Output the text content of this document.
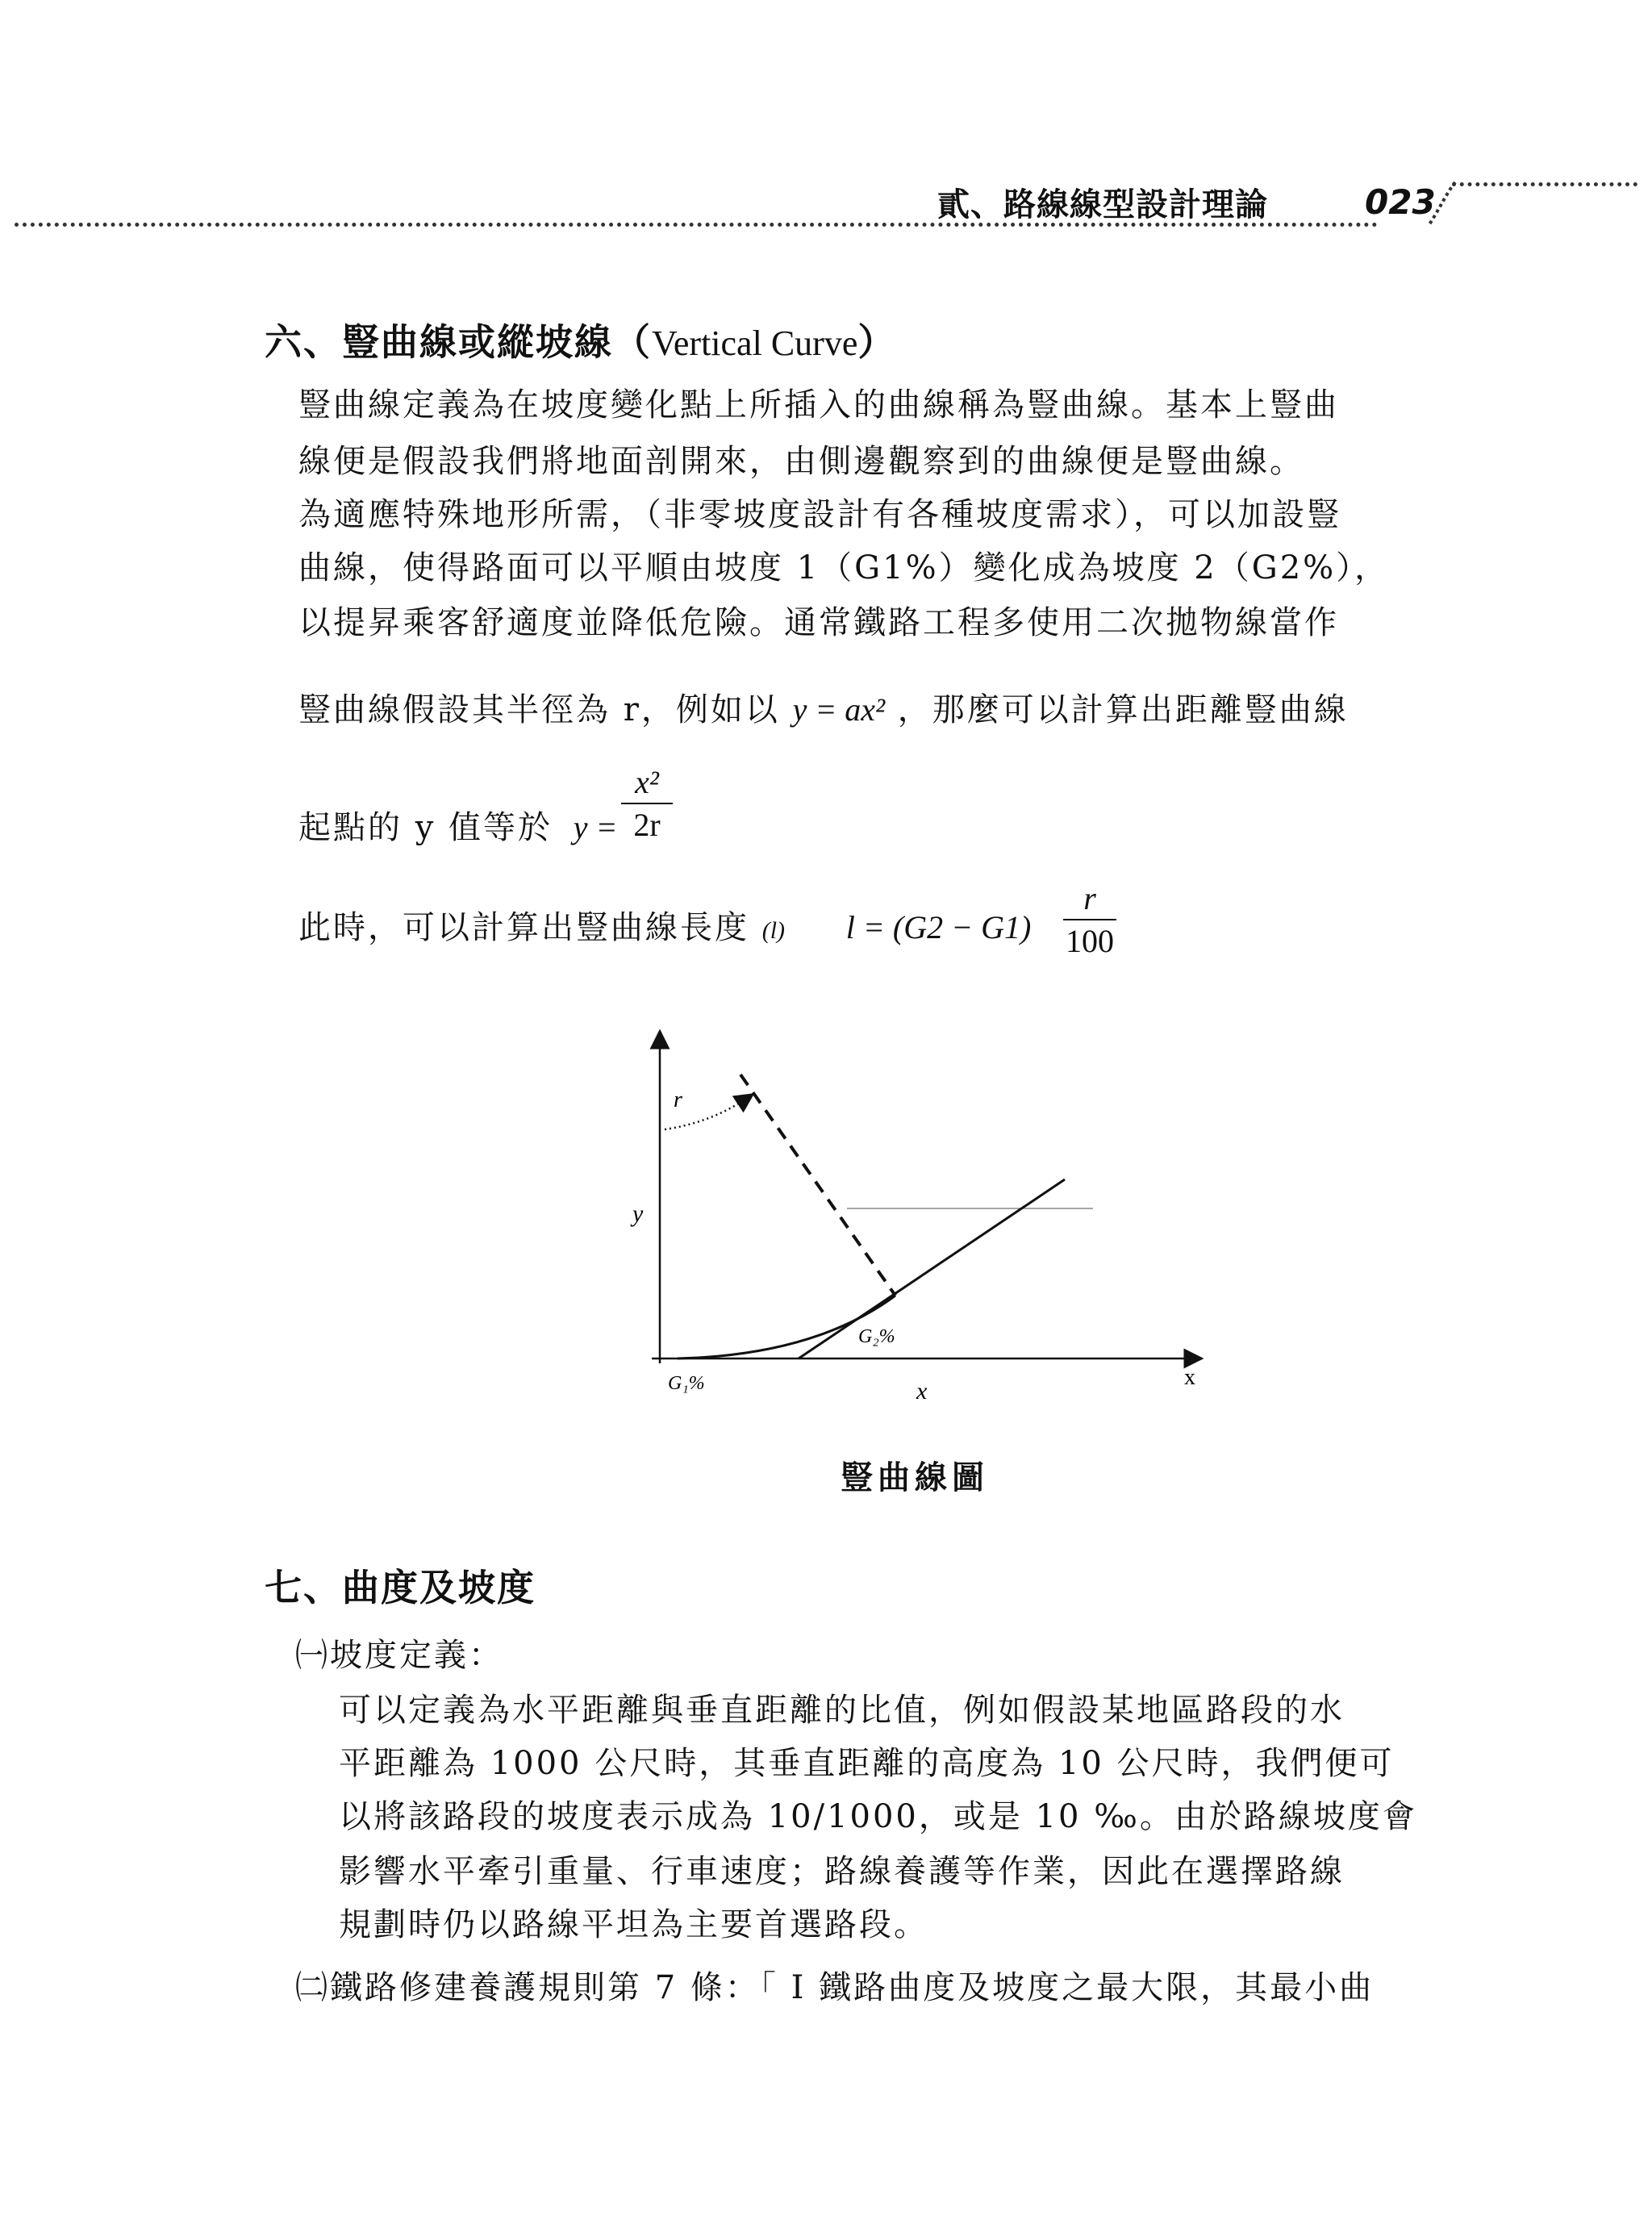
貳、路線線型設計理論	023
六、豎曲線或縱坡線（Vertical Curve）
豎曲線定義為在坡度變化點上所插入的曲線稱為豎曲線。基本上豎曲
線便是假設我們將地面剖開來，由側邊觀察到的曲線便是豎曲線。
為適應特殊地形所需，（非零坡度設計有各種坡度需求），可以加設豎
曲線，使得路面可以平順由坡度 1（G1%）變化成為坡度 2（G2%），
以提昇乘客舒適度並降低危險。通常鐵路工程多使用二次拋物線當作
豎曲線假設其半徑為 r，例如以 y = ax² ，那麼可以計算出距離豎曲線
起點的 y 值等於 y =
x²
2r
此時，可以計算出豎曲線長度 (l) l = (G2 − G1)
r
100
r
y
x
x
G₁%
G₂%
豎曲線圖
七、曲度及坡度
㈠坡度定義：
可以定義為水平距離與垂直距離的比值，例如假設某地區路段的水
平距離為 1000 公尺時，其垂直距離的高度為 10 公尺時，我們便可
以將該路段的坡度表示成為 10/1000，或是 10 ‰。由於路線坡度會
影響水平牽引重量、行車速度；路線養護等作業，因此在選擇路線
規劃時仍以路線平坦為主要首選路段。
㈡鐵路修建養護規則第 7 條：「 I 鐵路曲度及坡度之最大限，其最小曲
